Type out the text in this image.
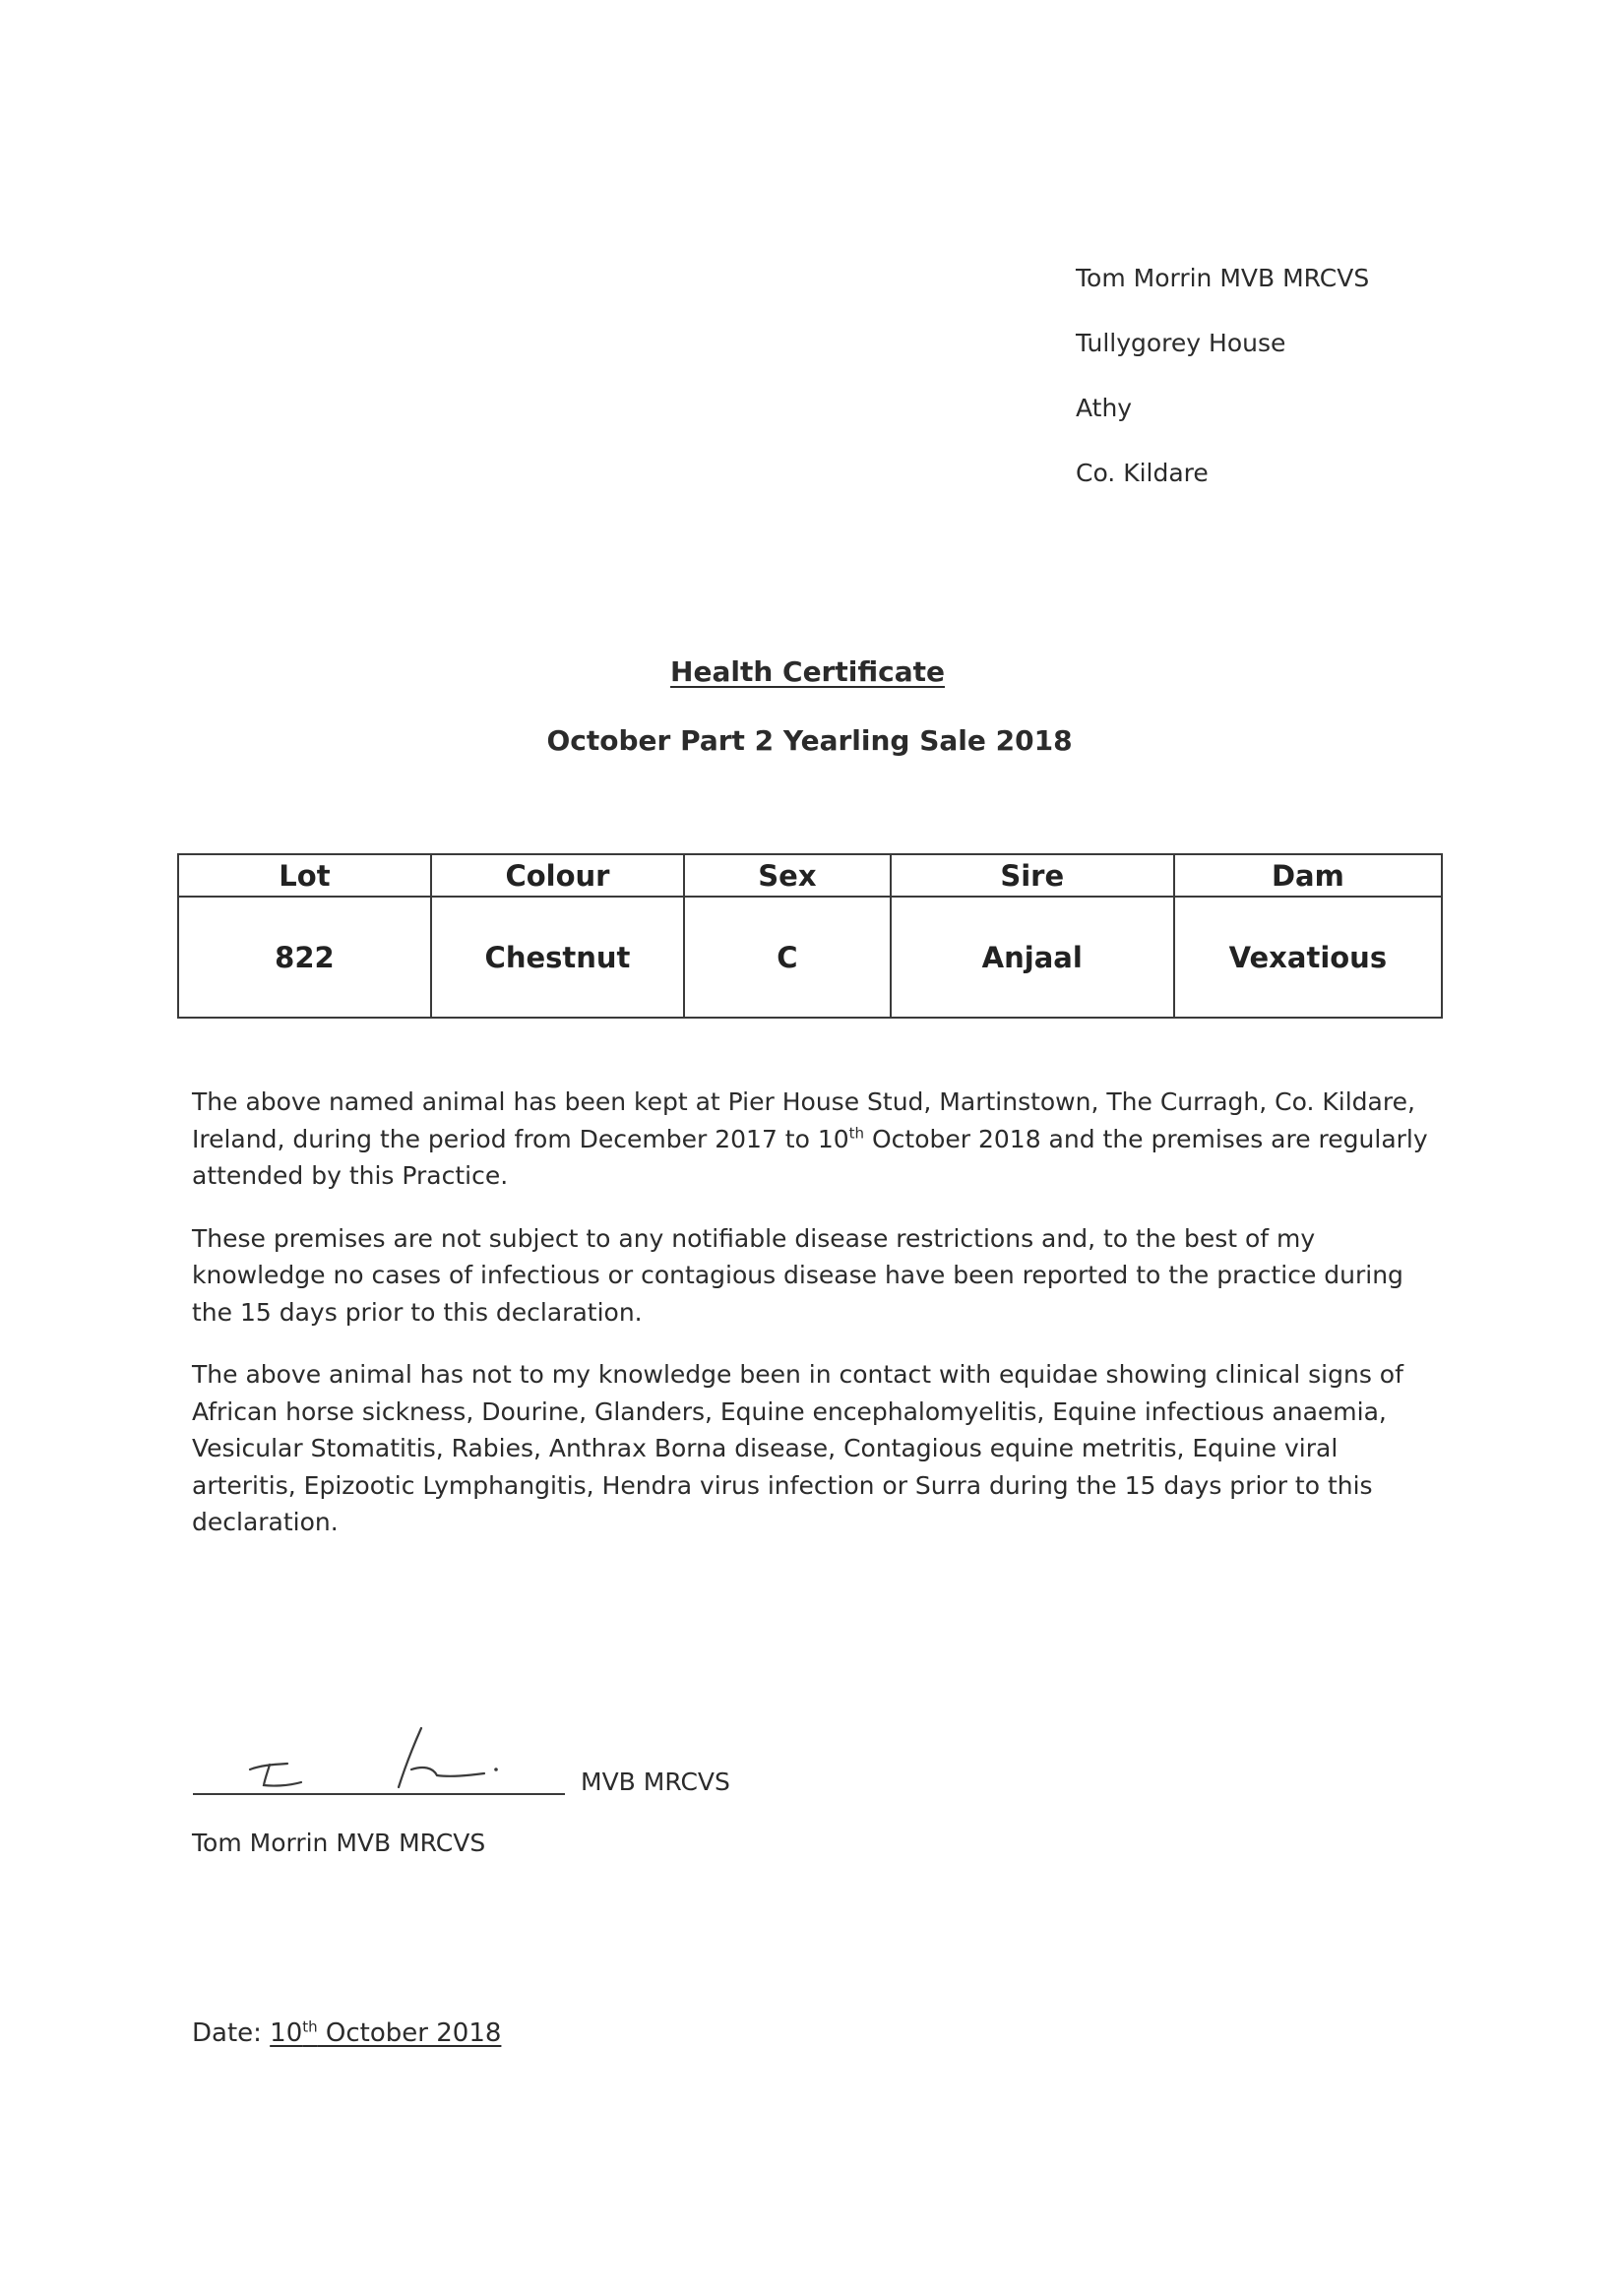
Tom Morrin MVB MRCVS
Tullygorey House
Athy
Co. Kildare
Health Certificate
October Part 2 Yearling Sale 2018
Lot	Colour	Sex	Sire	Dam
822	Chestnut	C	Anjaal	Vexatious

The above named animal has been kept at Pier House Stud, Martinstown, The Curragh, Co. Kildare, Ireland, during the period from December 2017 to 10th October 2018 and the premises are regularly attended by this Practice.

These premises are not subject to any notifiable disease restrictions and, to the best of my knowledge no cases of infectious or contagious disease have been reported to the practice during the 15 days prior to this declaration.

The above animal has not to my knowledge been in contact with equidae showing clinical signs of African horse sickness, Dourine, Glanders, Equine encephalomyelitis, Equine infectious anaemia, Vesicular Stomatitis, Rabies, Anthrax Borna disease, Contagious equine metritis, Equine viral arteritis, Epizootic Lymphangitis, Hendra virus infection or Surra during the 15 days prior to this declaration.

MVB MRCVS
Tom Morrin MVB MRCVS
Date: 10th October 2018
